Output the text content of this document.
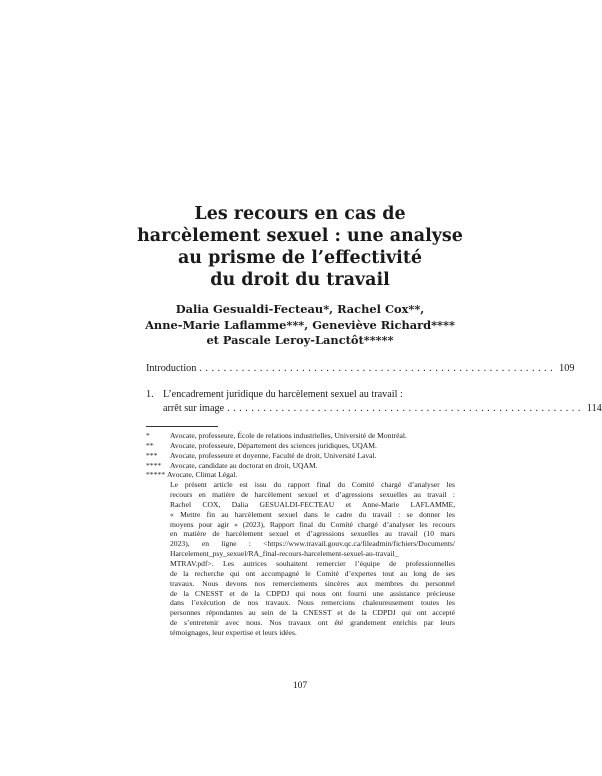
Les recours en cas de
harcèlement sexuel : une analyse
au prisme de l’effectivité
du droit du travail
Dalia Gesualdi-Fecteau*, Rachel Cox**,
Anne-Marie Laflamme***, Geneviève Richard****
et Pascale Leroy-Lanctôt*****
Introduction ........................................................... 109
1. L’encadrement juridique du harcèlement sexuel au travail :
arrêt sur image ........................................................... 114
*	Avocate, professeure, École de relations industrielles, Université de Montréal.
**	Avocate, professeure, Département des sciences juridiques, UQAM.
***	Avocate, professeure et doyenne, Faculté de droit, Université Laval.
****	Avocate, candidate au doctorat en droit, UQAM.
***** Avocate, Climat Légal.
Le présent article est issu du rapport final du Comité chargé d’analyser les
recours en matière de harcèlement sexuel et d’agressions sexuelles au travail :
Rachel COX, Dalia GESUALDI-FECTEAU et Anne-Marie LAFLAMME,
« Mettre fin au harcèlement sexuel dans le cadre du travail : se donner les
moyens pour agir » (2023), Rapport final du Comité chargé d’analyser les recours
en matière de harcèlement sexuel et d’agressions sexuelles au travail (10 mars
2023), en ligne : <https://www.travail.gouv.qc.ca/fileadmin/fichiers/Documents/
Harcelement_psy_sexuel/RA_final-recours-harcelement-sexuel-au-travail_
MTRAV.pdf>. Les autrices souhaitent remercier l’équipe de professionnelles
de la recherche qui ont accompagné le Comité d’expertes tout au long de ses
travaux. Nous devons nos remerciements sincères aux membres du personnel
de la CNESST et de la CDPDJ qui nous ont fourni une assistance précieuse
dans l’exécution de nos travaux. Nous remercions chaleureusement toutes les
personnes répondantes au sein de la CNESST et de la CDPDJ qui ont accepté
de s’entretenir avec nous. Nos travaux ont été grandement enrichis par leurs
témoignages, leur expertise et leurs idées.
107
